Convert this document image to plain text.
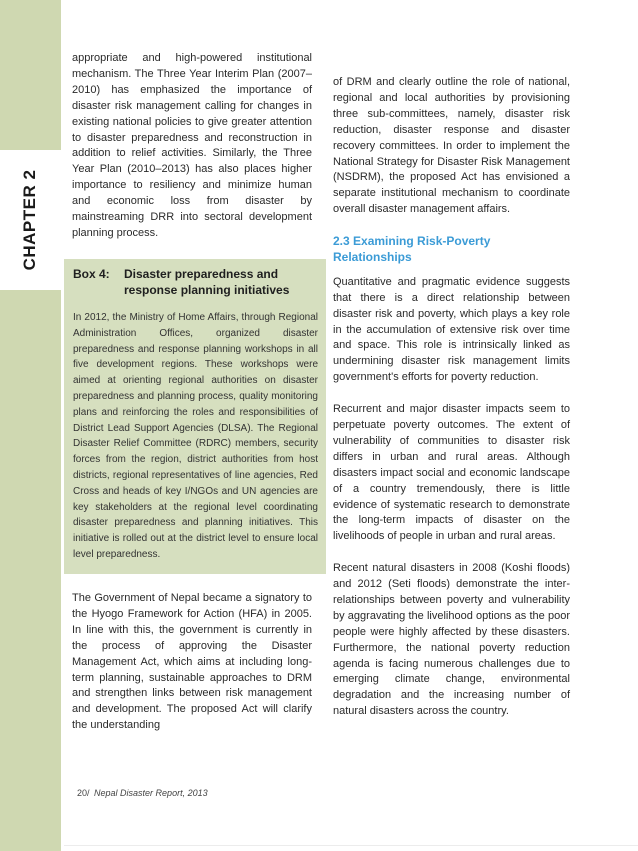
CHAPTER 2

appropriate and high-powered institutional mechanism. The Three Year Interim Plan (2007–2010) has emphasized the importance of disaster risk management calling for changes in existing national policies to give greater attention to disaster preparedness and reconstruction in addition to relief activities. Similarly, the Three Year Plan (2010–2013) has also places higher importance to resiliency and minimize human and economic loss from disaster by mainstreaming DRR into sectoral development planning process.

Box 4:	Disaster preparedness and response planning initiatives

In 2012, the Ministry of Home Affairs, through Regional Administration Offices, organized disaster preparedness and response planning workshops in all five development regions. These workshops were aimed at orienting regional authorities on disaster preparedness and planning process, quality monitoring plans and reinforcing the roles and responsibilities of District Lead Support Agencies (DLSA). The Regional Disaster Relief Committee (RDRC) members, security forces from the region, district authorities from host districts, regional representatives of line agencies, Red Cross and heads of key I/NGOs and UN agencies are key stakeholders at the regional level coordinating disaster preparedness and planning initiatives. This initiative is rolled out at the district level to ensure local level preparedness.

The Government of Nepal became a signatory to the Hyogo Framework for Action (HFA) in 2005. In line with this, the government is currently in the process of approving the Disaster Management Act, which aims at including long-term planning, sustainable approaches to DRM and strengthen links between risk management and development. The proposed Act will clarify the understanding

of DRM and clearly outline the role of national, regional and local authorities by provisioning three sub-committees, namely, disaster risk reduction, disaster response and disaster recovery committees. In order to implement the National Strategy for Disaster Risk Management (NSDRM), the proposed Act has envisioned a separate institutional mechanism to coordinate overall disaster management affairs.

2.3 Examining Risk-Poverty Relationships

Quantitative and pragmatic evidence suggests that there is a direct relationship between disaster risk and poverty, which plays a key role in the accumulation of extensive risk over time and space. This role is intrinsically linked as undermining disaster risk management limits government's efforts for poverty reduction.

Recurrent and major disaster impacts seem to perpetuate poverty outcomes. The extent of vulnerability of communities to disaster risk differs in urban and rural areas. Although disasters impact social and economic landscape of a country tremendously, there is little evidence of systematic research to demonstrate the long-term impacts of disaster on the livelihoods of people in urban and rural areas.

Recent natural disasters in 2008 (Koshi floods) and 2012 (Seti floods) demonstrate the inter-relationships between poverty and vulnerability by aggravating the livelihood options as the poor people were highly affected by these disasters. Furthermore, the national poverty reduction agenda is facing numerous challenges due to emerging climate change, environmental degradation and the increasing number of natural disasters across the country.

20/ Nepal Disaster Report, 2013
